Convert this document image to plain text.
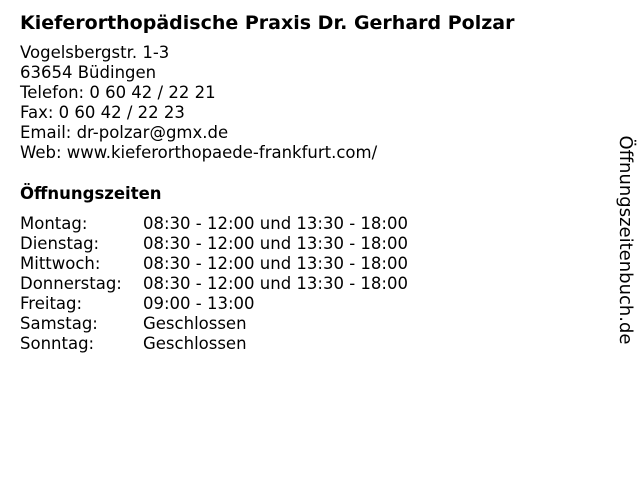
Kieferorthopädische Praxis Dr. Gerhard Polzar
Vogelsbergstr. 1-3
63654 Büdingen
Telefon: 0 60 42 / 22 21
Fax: 0 60 42 / 22 23
Email: dr-polzar@gmx.de
Web: www.kieferorthopaede-frankfurt.com/
Öffnungszeiten
Montag:	08:30 - 12:00 und 13:30 - 18:00
Dienstag:	08:30 - 12:00 und 13:30 - 18:00
Mittwoch:	08:30 - 12:00 und 13:30 - 18:00
Donnerstag:	08:30 - 12:00 und 13:30 - 18:00
Freitag:	09:00 - 13:00
Samstag:	Geschlossen
Sonntag:	Geschlossen	Öffnungszeitenbuch.de
